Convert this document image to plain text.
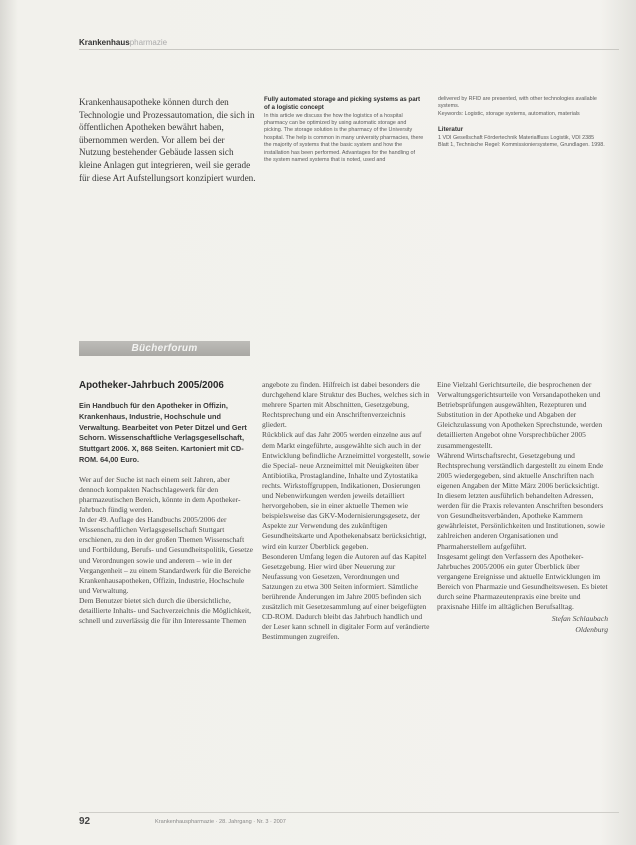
Krankenhauspharmazie

Krankenhausapotheke können durch den Technologie und Prozessautomation, die sich in öffentlichen Apotheken bewährt haben, übernommen werden. Vor allem bei der Nutzung bestehender Gebäude lassen sich kleine Anlagen gut integrieren, weil sie gerade für diese Art Aufstellungsort konzipiert wurden.

Fully automated storage and picking systems as part of a logistic concept

In this article we discuss the how the logistics of a hospital pharmacy can be optimized by using automatic storage and picking. The storage solution is the pharmacy of the University hospital. The help is common in many university pharmacies, there the majority of systems that the basic system and how the installation has been performed. Advantages for the handling of the system named systems that is noted, used and

delivered by RFID are presented, with other technologies available systems.

Keywords: Logistic, storage systems, automation, materials

Literatur

1 VDI Gesellschaft Fördertechnik Materialfluss Logistik, VDI 2385 Blatt 1, Technische Regel: Kommissioniersysteme, Grundlagen. 1998.

Bücherforum
Apotheker-Jahrbuch 2005/2006

Ein Handbuch für den Apotheker in Offizin, Krankenhaus, Industrie, Hochschule und Verwaltung. Bearbeitet von Peter Ditzel und Gert Schorn. Wissenschaftliche Verlagsgesellschaft, Stuttgart 2006. X, 868 Seiten. Kartoniert mit CD-ROM. 64,00 Euro.

Wer auf der Suche ist nach einem seit Jahren, aber dennoch kompakten Nachschlagewerk für den pharmazeutischen Bereich, könnte in dem Apotheker-Jahrbuch fündig werden.

In der 49. Auflage des Handbuchs 2005/2006 der Wissenschaftlichen Verlagsgesellschaft Stuttgart erschienen, zu den in der großen Themen Wissenschaft und Fortbildung, Berufs- und Gesundheitspolitik, Gesetze und Verordnungen sowie und anderem – wie in der Vergangenheit – zu einem Standardwerk für die Bereiche Krankenhausapotheken, Offizin, Industrie, Hochschule und Verwaltung.

Dem Benutzer bietet sich durch die übersichtliche, detaillierte Inhalts- und Sachverzeichnis die Möglichkeit, schnell und zuverlässig die für ihn Interessante Themen

angebote zu finden. Hilfreich ist dabei besonders die durchgehend klare Struktur des Buches, welches sich in mehrere Sparten mit Abschnitten, Gesetzgebung, Rechtsprechung und ein Anschriftenverzeichnis gliedert.

Rückblick auf das Jahr 2005 werden einzelne aus auf dem Markt eingeführte, ausgewählte sich auch in der Entwicklung befindliche Arzneimittel vorgestellt, sowie die Special- neue Arzneimittel mit Neuigkeiten über Antibiotika, Prostaglandine, Inhalte und Zytostatika rechts. Wirkstoffgruppen, Indikationen, Dosierungen und Nebenwirkungen werden jeweils detailliert hervorgehoben, sie in einer aktuelle Themen wie beispielsweise das GKV-Modernisierungsgesetz, der Aspekte zur Verwendung des zukünftigen Gesundheitskarte und Apothekenabsatz berücksichtigt, wird ein kurzer Überblick gegeben.

Besonderen Umfang legen die Autoren auf das Kapitel Gesetzgebung. Hier wird über Neuerung zur Neufassung von Gesetzen, Verordnungen und Satzungen zu etwa 300 Seiten informiert. Sämtliche berührende Änderungen im Jahre 2005 befinden sich zusätzlich mit Gesetzesammlung auf einer beigefügten CD-ROM. Dadurch bleibt das Jahrbuch handlich und der Leser kann schnell in digitaler Form auf verändierte Bestimmungen zugreifen.

Eine Vielzahl Gerichtsurteile, die besprochenen der Verwaltungsgerichtsurteile von Versandapotheken und Betriebsprüfungen ausgewählten, Rezepturen und Substitution in der Apotheke und Abgaben der Gleichzulassung von Apotheken Sprechstunde, werden detaillierten Angebot ohne Vorsprechbücher 2005 zusammengestellt.

Während Wirtschaftsrecht, Gesetzgebung und Rechtsprechung verständlich dargestellt zu einem Ende 2005 wiedergegeben, sind aktuelle Anschriften nach eigenen Angaben der Mitte März 2006 berücksichtigt.

In diesem letzten ausführlich behandelten Adressen, werden für die Praxis relevanten Anschriften besonders von Gesundheitsverbänden, Apotheke Kammern gewährleistet, Persönlichkeiten und Institutionen, sowie zahlreichen anderen Organisationen und Pharmaherstellern aufgeführt.

Insgesamt gelingt den Verfassern des Apotheker-Jahrbuches 2005/2006 ein guter Überblick über vergangene Ereignisse und aktuelle Entwicklungen im Bereich von Pharmazie und Gesundheitswesen. Es bietet durch seine Pharmazeutenpraxis eine breite und praxisnahe Hilfe im alltäglichen Berufsalltag.

Stefan Schlaubach
Oldenburg
92	Krankenhauspharmazie · 28. Jahrgang · Nr. 3 · 2007
